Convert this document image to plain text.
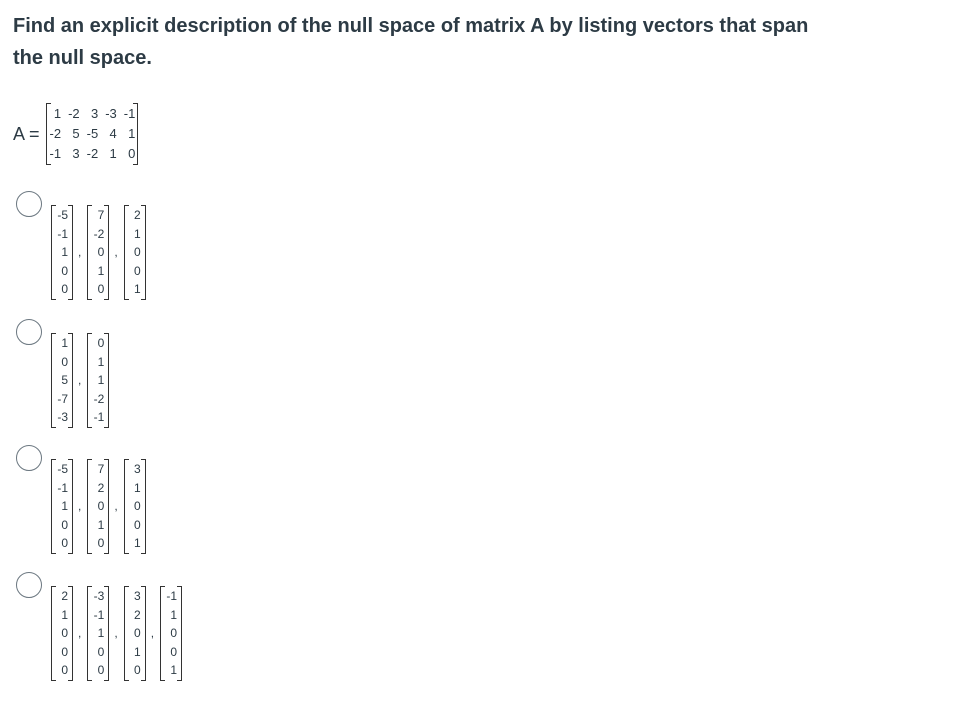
Find an explicit description of the null space of matrix A by listing vectors that span the null space.
A =
1 -2 3 -3 -1
-2 5 -5 4 1
-1 3 -2 1 0
-5
-1
1
0
0
,
7
-2
0
1
0
,
2
1
0
0
1
1
0
5
-7
-3
,
0
1
1
-2
-1
-5
-1
1
0
0
,
7
2
0
1
0
,
3
1
0
0
1
2
1
0
0
0
,
-3
-1
1
0
0
,
3
2
0
1
0
,
-1
1
0
0
1
